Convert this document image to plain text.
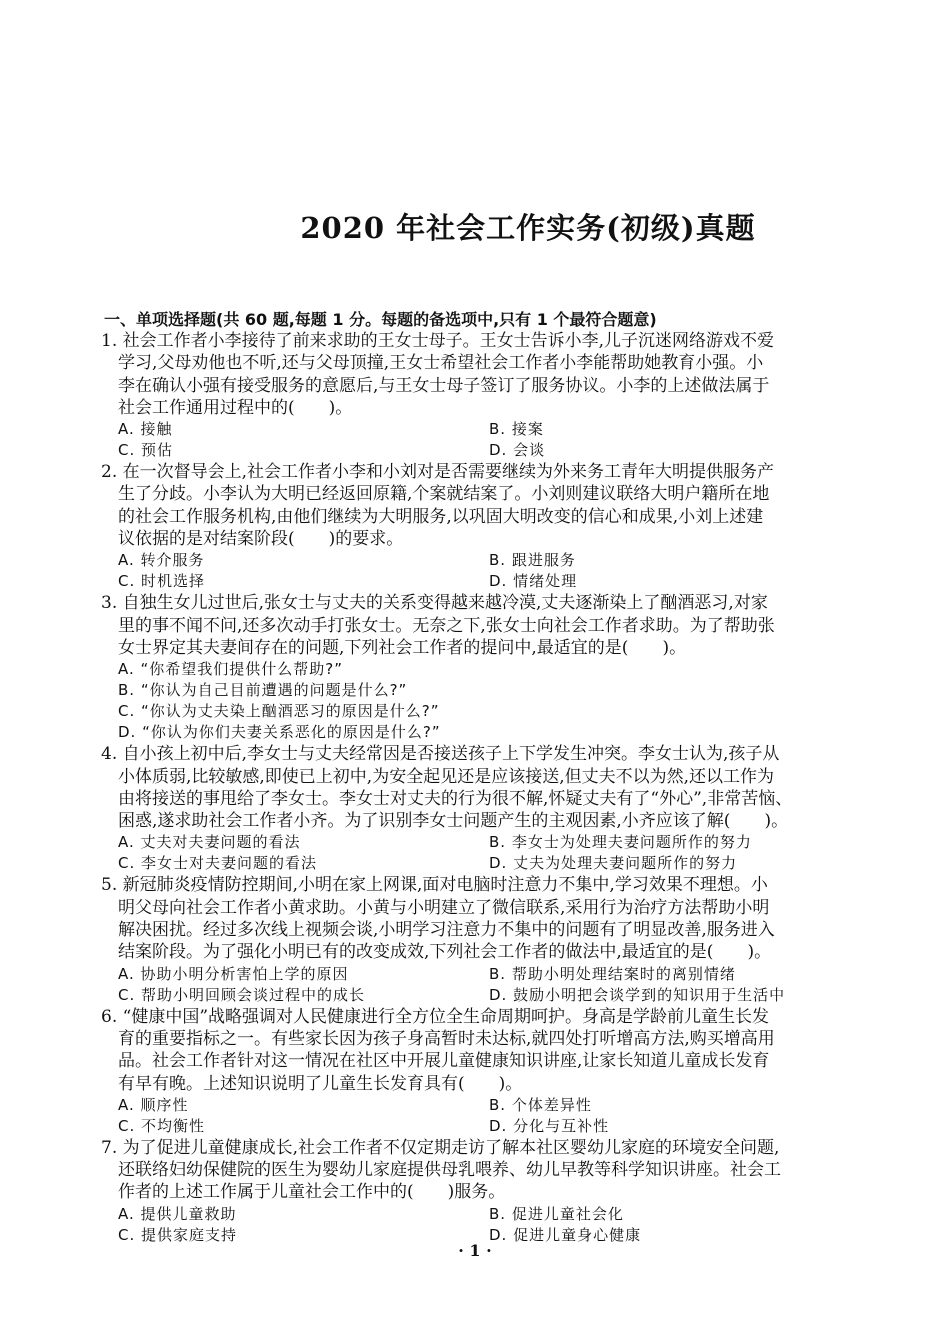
2020 年社会工作实务(初级)真题
一、单项选择题(共 60 题,每题 1 分。每题的备选项中,只有 1 个最符合题意)
1. 社会工作者小李接待了前来求助的王女士母子。王女士告诉小李,儿子沉迷网络游戏不爱
学习,父母劝他也不听,还与父母顶撞,王女士希望社会工作者小李能帮助她教育小强。小
李在确认小强有接受服务的意愿后,与王女士母子签订了服务协议。小李的上述做法属于
社会工作通用过程中的(　　)。
A. 接触	B. 接案
C. 预估	D. 会谈
2. 在一次督导会上,社会工作者小李和小刘对是否需要继续为外来务工青年大明提供服务产
生了分歧。小李认为大明已经返回原籍,个案就结案了。小刘则建议联络大明户籍所在地
的社会工作服务机构,由他们继续为大明服务,以巩固大明改变的信心和成果,小刘上述建
议依据的是对结案阶段(　　)的要求。
A. 转介服务	B. 跟进服务
C. 时机选择	D. 情绪处理
3. 自独生女儿过世后,张女士与丈夫的关系变得越来越冷漠,丈夫逐渐染上了酗酒恶习,对家
里的事不闻不问,还多次动手打张女士。无奈之下,张女士向社会工作者求助。为了帮助张
女士界定其夫妻间存在的问题,下列社会工作者的提问中,最适宜的是(　　)。
A. “你希望我们提供什么帮助?”
B. “你认为自己目前遭遇的问题是什么?”
C. “你认为丈夫染上酗酒恶习的原因是什么?”
D. “你认为你们夫妻关系恶化的原因是什么?”
4. 自小孩上初中后,李女士与丈夫经常因是否接送孩子上下学发生冲突。李女士认为,孩子从
小体质弱,比较敏感,即使已上初中,为安全起见还是应该接送,但丈夫不以为然,还以工作为
由将接送的事甩给了李女士。李女士对丈夫的行为很不解,怀疑丈夫有了“外心”,非常苦恼、
困惑,遂求助社会工作者小齐。为了识别李女士问题产生的主观因素,小齐应该了解(　　)。
A. 丈夫对夫妻问题的看法	B. 李女士为处理夫妻问题所作的努力
C. 李女士对夫妻问题的看法	D. 丈夫为处理夫妻问题所作的努力
5. 新冠肺炎疫情防控期间,小明在家上网课,面对电脑时注意力不集中,学习效果不理想。小
明父母向社会工作者小黄求助。小黄与小明建立了微信联系,采用行为治疗方法帮助小明
解决困扰。经过多次线上视频会谈,小明学习注意力不集中的问题有了明显改善,服务进入
结案阶段。为了强化小明已有的改变成效,下列社会工作者的做法中,最适宜的是(　　)。
A. 协助小明分析害怕上学的原因	B. 帮助小明处理结案时的离别情绪
C. 帮助小明回顾会谈过程中的成长	D. 鼓励小明把会谈学到的知识用于生活中
6. “健康中国”战略强调对人民健康进行全方位全生命周期呵护。身高是学龄前儿童生长发
育的重要指标之一。有些家长因为孩子身高暂时未达标,就四处打听增高方法,购买增高用
品。社会工作者针对这一情况在社区中开展儿童健康知识讲座,让家长知道儿童成长发育
有早有晚。上述知识说明了儿童生长发育具有(　　)。
A. 顺序性	B. 个体差异性
C. 不均衡性	D. 分化与互补性
7. 为了促进儿童健康成长,社会工作者不仅定期走访了解本社区婴幼儿家庭的环境安全问题,
还联络妇幼保健院的医生为婴幼儿家庭提供母乳喂养、幼儿早教等科学知识讲座。社会工
作者的上述工作属于儿童社会工作中的(　　)服务。
A. 提供儿童救助	B. 促进儿童社会化
C. 提供家庭支持	D. 促进儿童身心健康
· 1 ·
